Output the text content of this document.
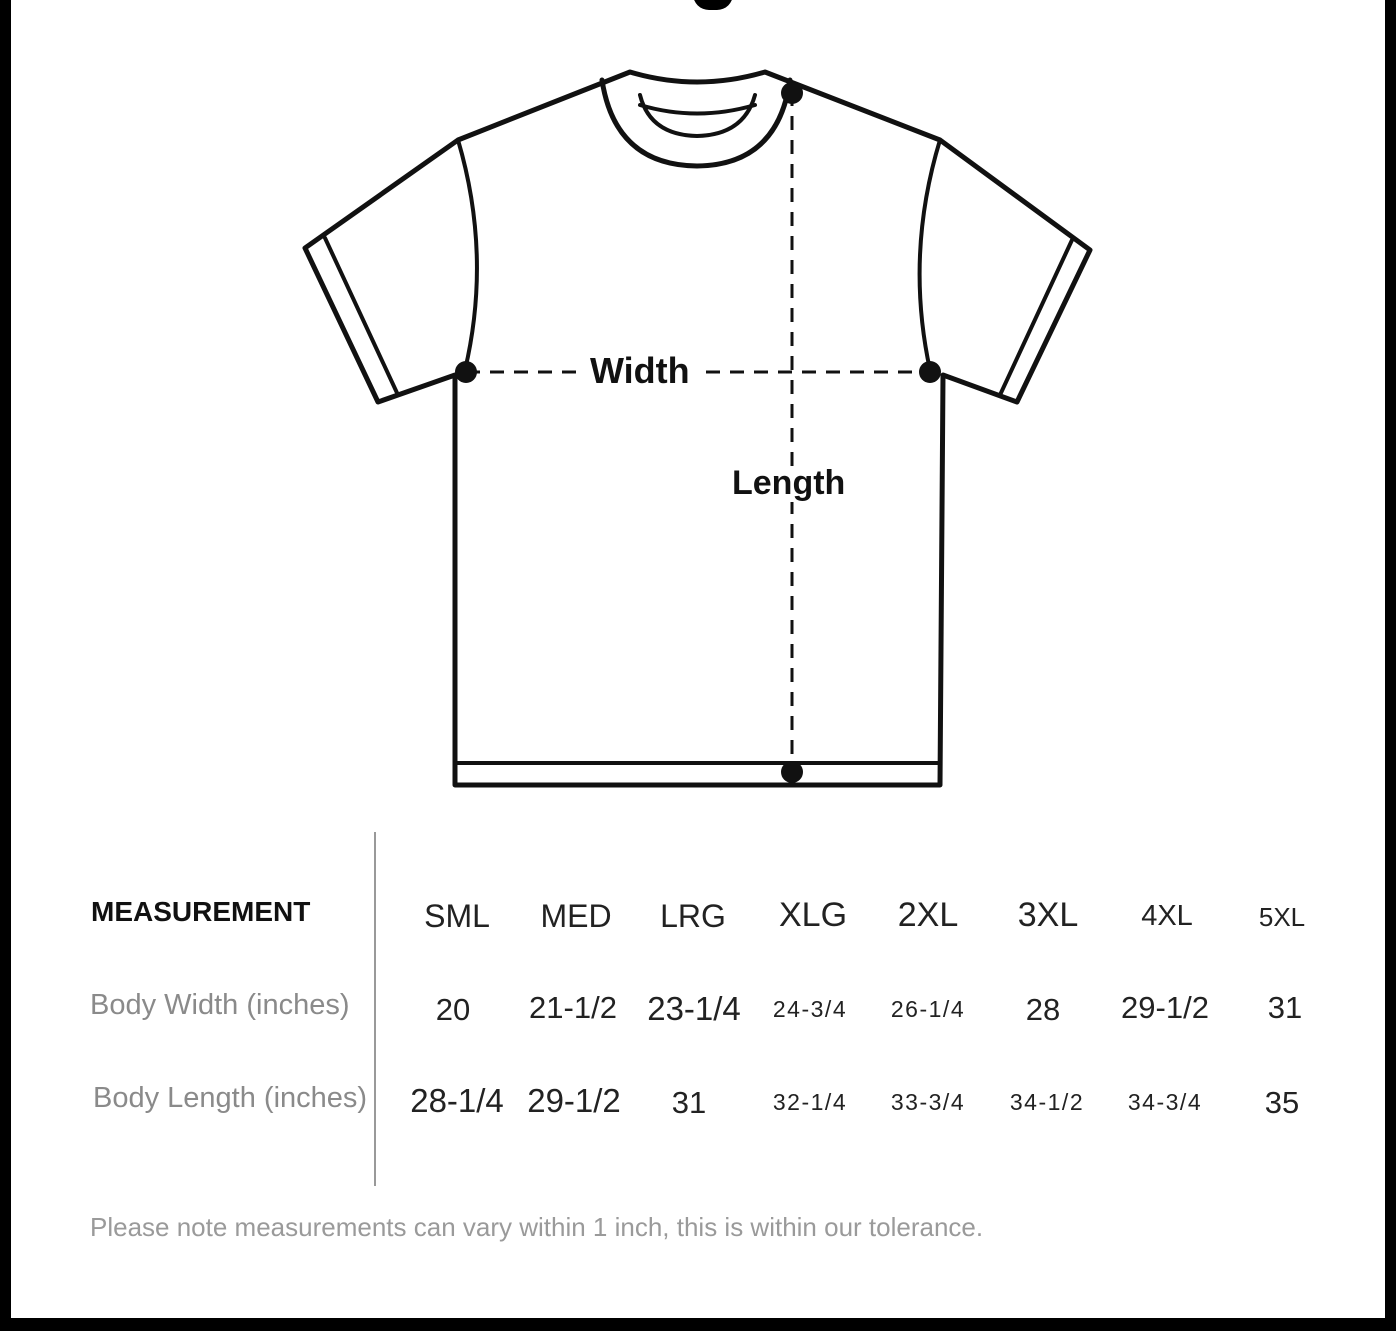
Width
Length
MEASUREMENT	SML MED LRG XLG 2XL 3XL 4XL	5XL
Body Width (inches)	20 21-1/2 23-1/4 24-3/4 26-1/4 28 29-1/2 31
Body Length (inches) 28-1/4 29-1/2 31	32-1/4 33-3/4 34-1/2 34-3/4 35
Please note measurements can vary within 1 inch, this is within our tolerance.
